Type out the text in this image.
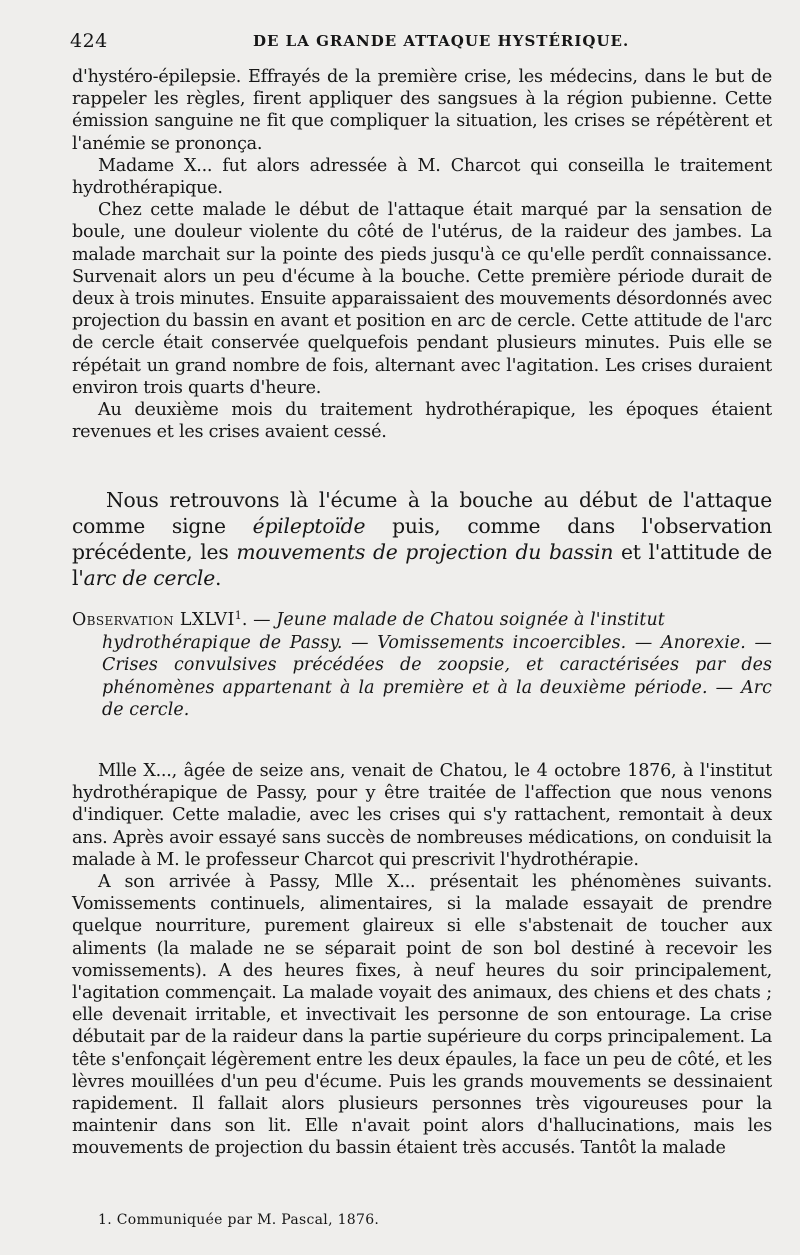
424	DE LA GRANDE ATTAQUE HYSTÉRIQUE.

d'hystéro-épilepsie. Effrayés de la première crise, les médecins, dans le but de rappeler les règles, firent appliquer des sangsues à la région pubienne. Cette émission sanguine ne fit que compliquer la situation, les crises se répétèrent et l'anémie se prononça.

Madame X... fut alors adressée à M. Charcot qui conseilla le traitement hydrothérapique.

Chez cette malade le début de l'attaque était marqué par la sensation de boule, une douleur violente du côté de l'utérus, de la raideur des jambes. La malade marchait sur la pointe des pieds jusqu'à ce qu'elle perdît connaissance. Survenait alors un peu d'écume à la bouche. Cette première période durait de deux à trois minutes. Ensuite apparaissaient des mouvements désordonnés avec projection du bassin en avant et position en arc de cercle. Cette attitude de l'arc de cercle était conservée quelquefois pendant plusieurs minutes. Puis elle se répétait un grand nombre de fois, alternant avec l'agitation. Les crises duraient environ trois quarts d'heure.

Au deuxième mois du traitement hydrothérapique, les époques étaient revenues et les crises avaient cessé.

Nous retrouvons là l'écume à la bouche au début de l'attaque comme signe épileptoïde puis, comme dans l'observation précédente, les mouvements de projection du bassin et l'attitude de l'arc de cercle.

Observation LXLVI$^1$. — Jeune malade de Chatou soignée à l'institut

hydrothérapique de Passy. — Vomissements incoercibles. — Anorexie. — Crises convulsives précédées de zoopsie, et caractérisées par des phénomènes appartenant à la première et à la deuxième période. — Arc de cercle.

Mlle X..., âgée de seize ans, venait de Chatou, le 4 octobre 1876, à l'institut hydrothérapique de Passy, pour y être traitée de l'affection que nous venons d'indiquer. Cette maladie, avec les crises qui s'y rattachent, remontait à deux ans. Après avoir essayé sans succès de nombreuses médications, on conduisit la malade à M. le professeur Charcot qui prescrivit l'hydrothérapie.

A son arrivée à Passy, Mlle X... présentait les phénomènes suivants. Vomissements continuels, alimentaires, si la malade essayait de prendre quelque nourriture, purement glaireux si elle s'abstenait de toucher aux aliments (la malade ne se séparait point de son bol destiné à recevoir les vomissements). A des heures fixes, à neuf heures du soir principalement, l'agitation commençait. La malade voyait des animaux, des chiens et des chats ; elle devenait irritable, et invectivait les personne de son entourage. La crise débutait par de la raideur dans la partie supérieure du corps principalement. La tête s'enfonçait légèrement entre les deux épaules, la face un peu de côté, et les lèvres mouillées d'un peu d'écume. Puis les grands mouvements se dessinaient rapidement. Il fallait alors plusieurs personnes très vigoureuses pour la maintenir dans son lit. Elle n'avait point alors d'hallucinations, mais les mouvements de projection du bassin étaient très accusés. Tantôt la malade

1. Communiquée par M. Pascal, 1876.
